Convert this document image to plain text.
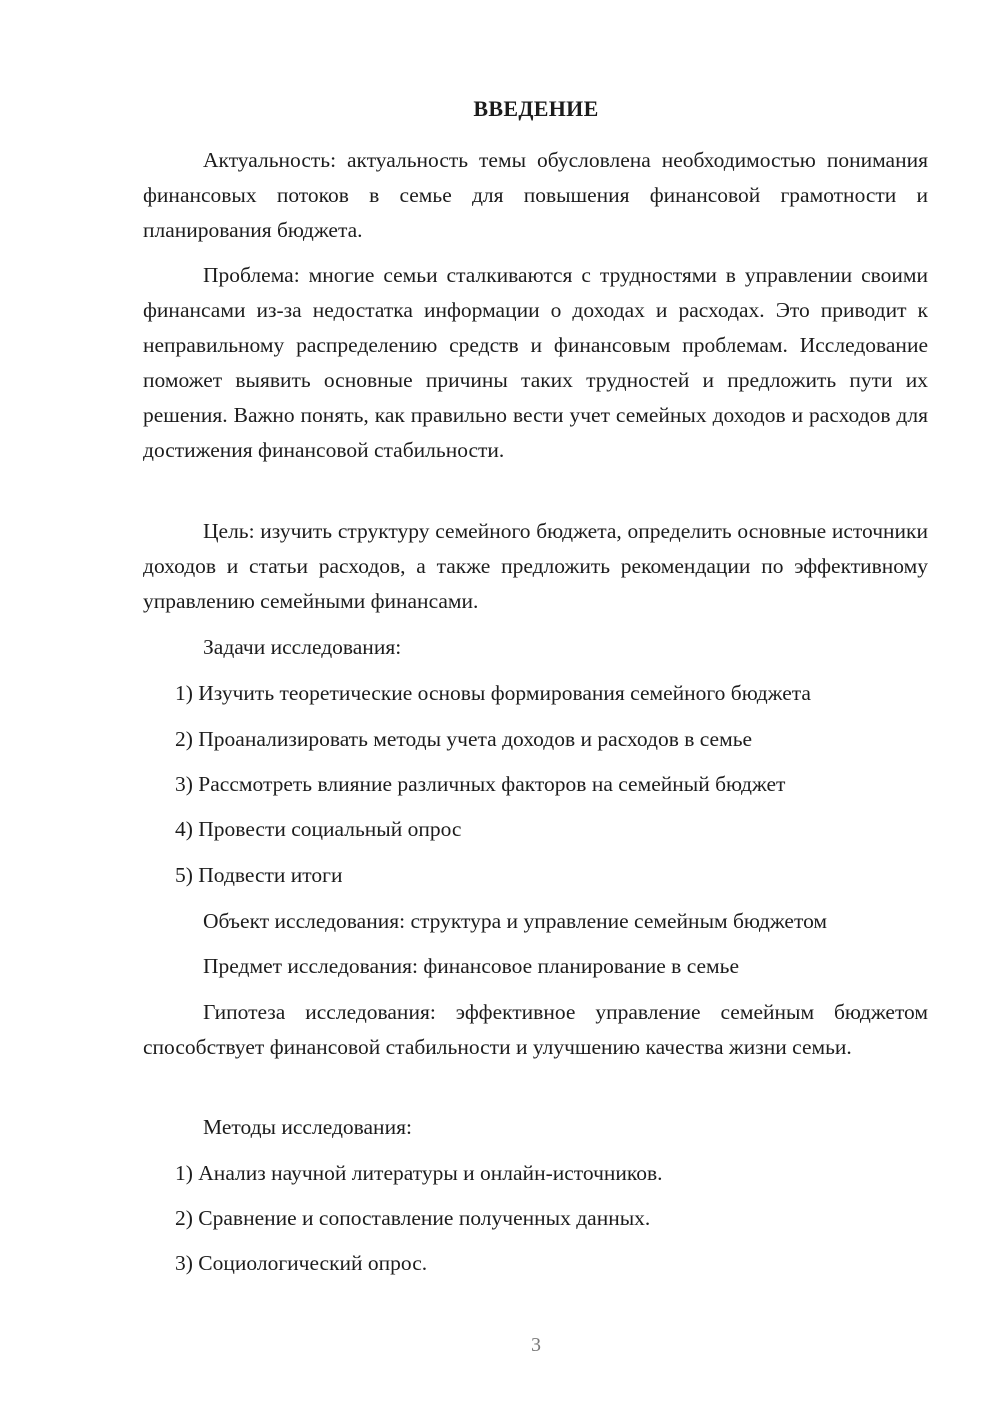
ВВЕДЕНИЕ

Актуальность: актуальность темы обусловлена необходимостью понимания финансовых потоков в семье для повышения финансовой грамотности и планирования бюджета.

Проблема: многие семьи сталкиваются с трудностями в управлении своими финансами из-за недостатка информации о доходах и расходах. Это приводит к неправильному распределению средств и финансовым проблемам. Исследование поможет выявить основные причины таких трудностей и предложить пути их решения. Важно понять, как правильно вести учет семейных доходов и расходов для достижения финансовой стабильности.

Цель: изучить структуру семейного бюджета, определить основные источники доходов и статьи расходов, а также предложить рекомендации по эффективному управлению семейными финансами.

Задачи исследования:

1) Изучить теоретические основы формирования семейного бюджета

2) Проанализировать методы учета доходов и расходов в семье

3) Рассмотреть влияние различных факторов на семейный бюджет

4) Провести социальный опрос

5) Подвести итоги

Объект исследования: структура и управление семейным бюджетом

Предмет исследования: финансовое планирование в семье

Гипотеза исследования: эффективное управление семейным бюджетом способствует финансовой стабильности и улучшению качества жизни семьи.

Методы исследования:

1) Анализ научной литературы и онлайн-источников.

2) Сравнение и сопоставление полученных данных.

3) Социологический опрос.

3
